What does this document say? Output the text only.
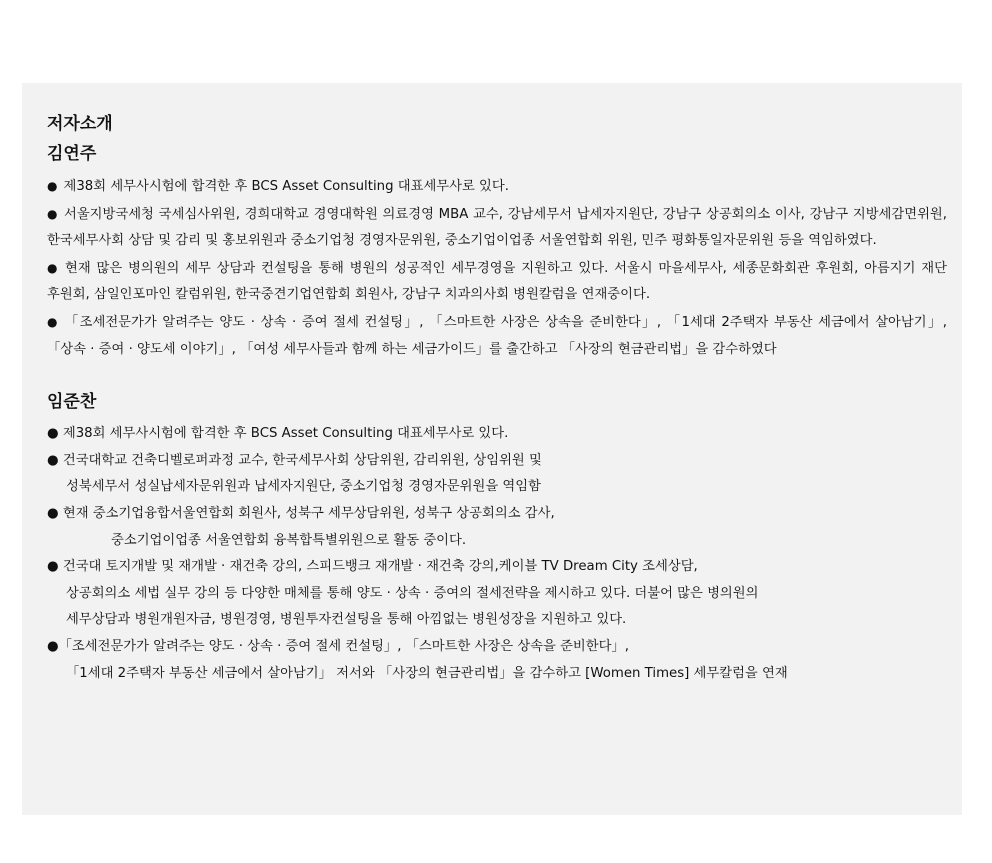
저자소개

김연주

● 제38회 세무사시험에 합격한 후 BCS Asset Consulting 대표세무사로 있다.

● 서울지방국세청 국세심사위원, 경희대학교 경영대학원 의료경영 MBA 교수, 강남세무서 납세자지원단, 강남구 상공회의소 이사, 강남구 지방세감면위원, 한국세무사회 상담 및 감리 및 홍보위원과 중소기업청 경영자문위원, 중소기업이업종 서울연합회 위원, 민주 평화통일자문위원 등을 역임하였다.

● 현재 많은 병의원의 세무 상담과 컨설팅을 통해 병원의 성공적인 세무경영을 지원하고 있다. 서울시 마을세무사, 세종문화회관 후원회, 아름지기 재단 후원회, 삼일인포마인 칼럼위원, 한국중견기업연합회 회원사, 강남구 치과의사회 병원칼럼을 연재중이다.

● 「조세전문가가 알려주는 양도 · 상속 · 증여 절세 컨설팅」, 「스마트한 사장은 상속을 준비한다」, 「1세대 2주택자 부동산 세금에서 살아남기」, 「상속 · 증여 · 양도세 이야기」, 「여성 세무사들과 함께 하는 세금가이드」를 출간하고 「사장의 현금관리법」을 감수하였다

임준찬

● 제38회 세무사시험에 합격한 후 BCS Asset Consulting 대표세무사로 있다.

● 건국대학교 건축디벨로퍼과정 교수, 한국세무사회 상담위원, 감리위원, 상임위원 및

성북세무서 성실납세자문위원과 납세자지원단, 중소기업청 경영자문위원을 역임함

● 현재 중소기업융합서울연합회 회원사, 성북구 세무상담위원, 성북구 상공회의소 감사,

중소기업이업종 서울연합회 융복합특별위원으로 활동 중이다.

● 건국대 토지개발 및 재개발 · 재건축 강의, 스피드뱅크 재개발 · 재건축 강의,케이블 TV Dream City 조세상담,

상공회의소 세법 실무 강의 등 다양한 매체를 통해 양도 · 상속 · 증여의 절세전략을 제시하고 있다. 더불어 많은 병의원의

세무상담과 병원개원자금, 병원경영, 병원투자컨설팅을 통해 아낌없는 병원성장을 지원하고 있다.

●「조세전문가가 알려주는 양도 · 상속 · 증여 절세 컨설팅」, 「스마트한 사장은 상속을 준비한다」,

「1세대 2주택자 부동산 세금에서 살아남기」 저서와 「사장의 현금관리법」을 감수하고 [Women Times] 세무칼럼을 연재
